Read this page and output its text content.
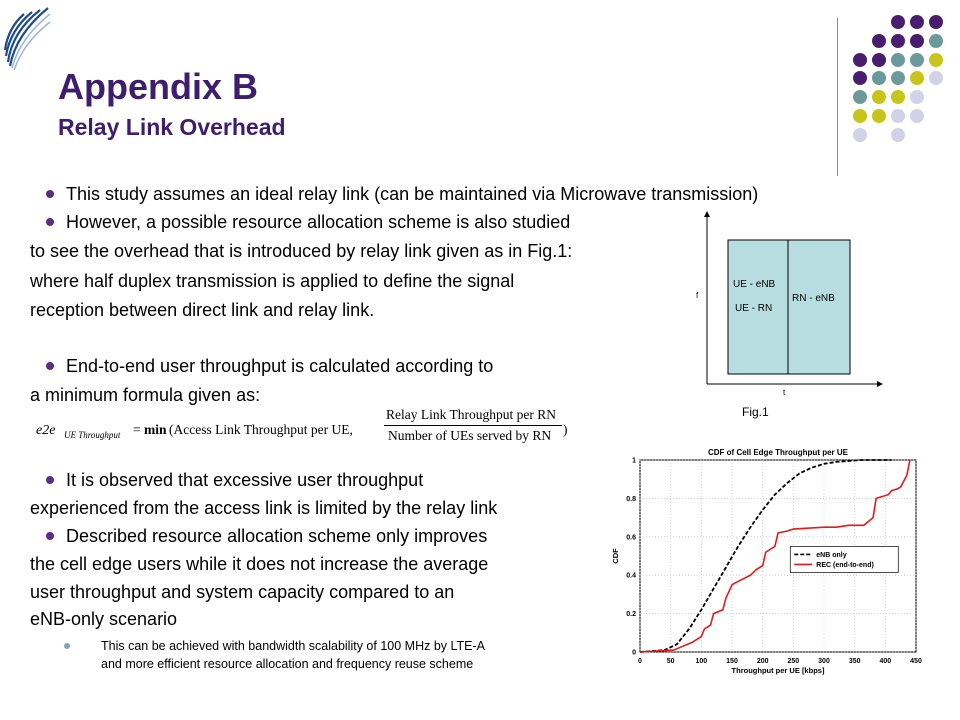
Appendix B
Relay Link Overhead
This study assumes an ideal relay link (can be maintained via Microwave transmission)
However, a possible resource allocation scheme is also studied
to see the overhead that is introduced by relay link given as in Fig.1:
where half duplex transmission is applied to define the signal
reception between direct link and relay link.
End-to-end user throughput is calculated according to
a minimum formula given as:
e2e UE Throughput = min (Access Link Throughput per UE,
Relay Link Throughput per RN
Number of UEs served by RN )
It is observed that excessive user throughput
experienced from the access link is limited by the relay link
Described resource allocation scheme only improves
the cell edge users while it does not increase the average
user throughput and system capacity compared to an
eNB-only scenario
This can be achieved with bandwidth scalability of 100 MHz by LTE-A
and more efficient resource allocation and frequency reuse scheme
UE - eNB
UE - RN
RN - eNB
f
t
Fig.1
0	50	100	150	200	250	300	350	400	450
0
0.2
0.4
0.6
0.8
1
CDF of Cell Edge Throughput per UE
Throughput per UE [kbps]
CDF	eNB only
REC (end-to-end)
